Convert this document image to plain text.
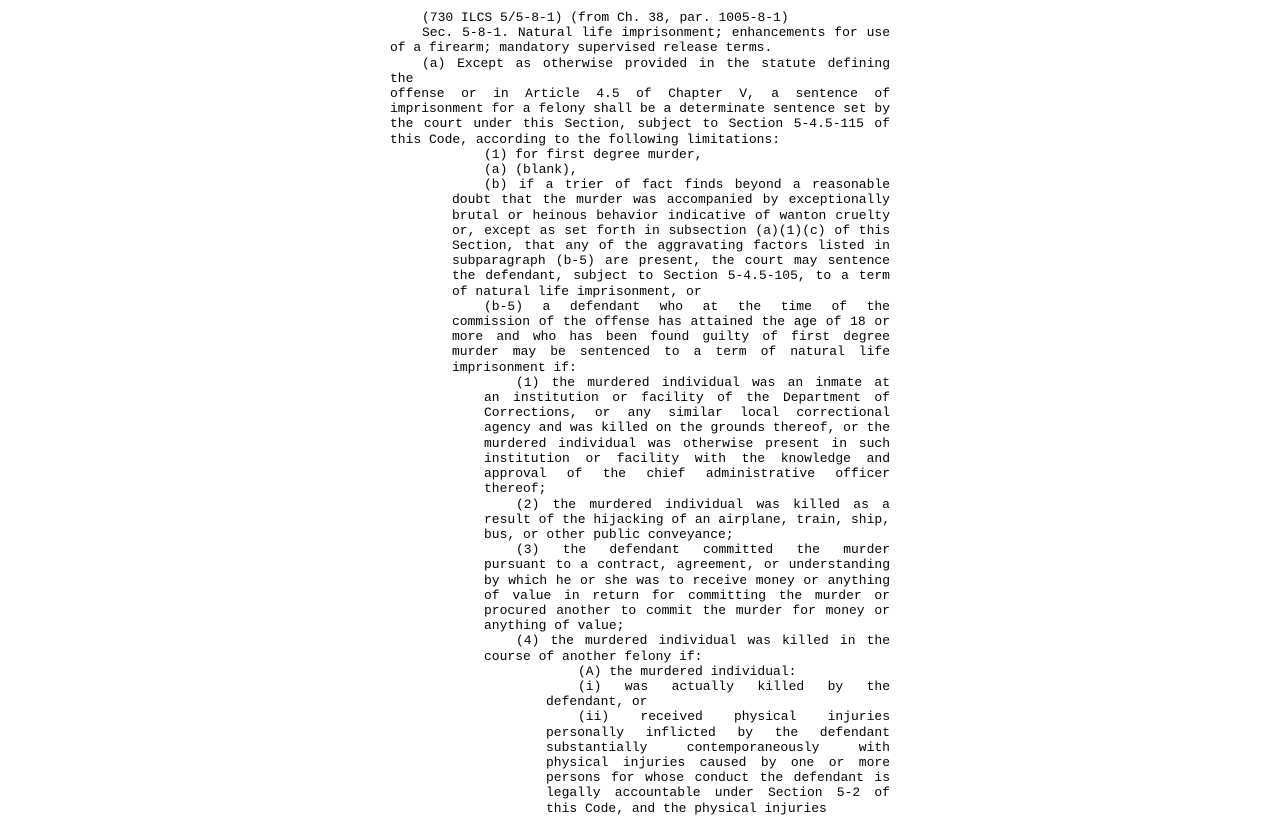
(730 ILCS 5/5-8-1) (from Ch. 38, par. 1005-8-1)
Sec. 5-8-1. Natural life imprisonment; enhancements for use
of a firearm; mandatory supervised release terms.
(a) Except as otherwise provided in the statute defining the
offense or in Article 4.5 of Chapter V, a sentence of
imprisonment for a felony shall be a determinate sentence set by
the court under this Section, subject to Section 5-4.5-115 of
this Code, according to the following limitations:
(1) for first degree murder,
(a) (blank),
(b) if a trier of fact finds beyond a reasonable
doubt that the murder was accompanied by exceptionally
brutal or heinous behavior indicative of wanton cruelty
or, except as set forth in subsection (a)(1)(c) of this
Section, that any of the aggravating factors listed in
subparagraph (b-5) are present, the court may sentence
the defendant, subject to Section 5-4.5-105, to a term
of natural life imprisonment, or
(b-5) a defendant who at the time of the
commission of the offense has attained the age of 18 or
more and who has been found guilty of first degree
murder may be sentenced to a term of natural life
imprisonment if:
(1) the murdered individual was an inmate at
an institution or facility of the Department of
Corrections, or any similar local correctional
agency and was killed on the grounds thereof, or the
murdered individual was otherwise present in such
institution or facility with the knowledge and
approval of the chief administrative officer
thereof;
(2) the murdered individual was killed as a
result of the hijacking of an airplane, train, ship,
bus, or other public conveyance;
(3) the defendant committed the murder
pursuant to a contract, agreement, or understanding
by which he or she was to receive money or anything
of value in return for committing the murder or
procured another to commit the murder for money or
anything of value;
(4) the murdered individual was killed in the
course of another felony if:
(A) the murdered individual:
(i) was actually killed by the
defendant, or
(ii) received physical injuries
personally inflicted by the defendant
substantially contemporaneously with
physical injuries caused by one or more
persons for whose conduct the defendant is
legally accountable under Section 5-2 of
this Code, and the physical injuries
